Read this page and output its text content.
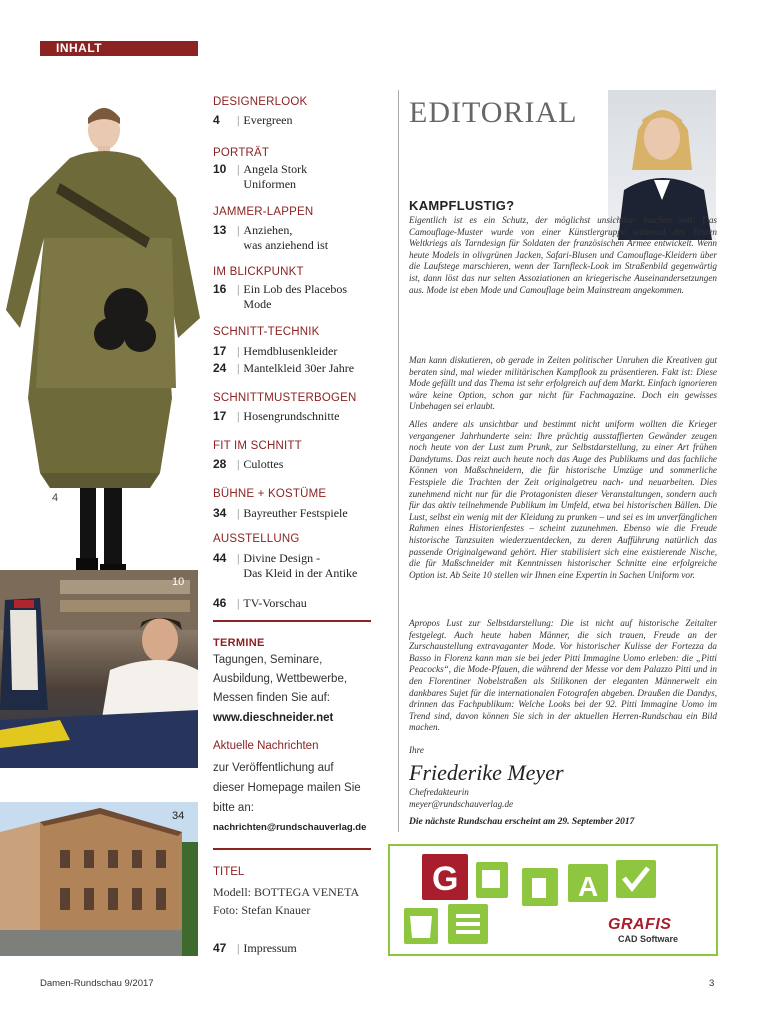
INHALT
4
10
34
DESIGNERLOOK
4 | Evergreen
PORTRÄT
10 | Angela Stork
Uniformen
JAMMER-LAPPEN
13 | Anziehen,
was anziehend ist
IM BLICKPUNKT
16 | Ein Lob des Placebos
Mode
SCHNITT-TECHNIK
17 | Hemdblusenkleider
24 | Mantelkleid 30er Jahre
SCHNITTMUSTERBOGEN
17 | Hosengrundschnitte
FIT IM SCHNITT
28 | Culottes
BÜHNE + KOSTÜME
34 | Bayreuther Festspiele
AUSSTELLUNG
44 | Divine Design -
Das Kleid in der Antike
46 | TV-Vorschau
TERMINE
Tagungen, Seminare,
Ausbildung, Wettbewerbe,
Messen finden Sie auf:
www.dieschneider.net
Aktuelle Nachrichten
zur Veröffentlichung auf
dieser Homepage mailen Sie
bitte an:
nachrichten@rundschauverlag.de
TITEL
Modell: BOTTEGA VENETA
Foto: Stefan Knauer
47 | Impressum
EDITORIAL
KAMPFLUSTIG?
Eigentlich ist es ein Schutz, der möglichst unsichtbar machen soll: Das Camouflage-Muster wurde von einer Künstlergruppe während des Ersten Weltkriegs als Tarndesign für Soldaten der französischen Armee entwickelt. Wenn heute Models in olivgrünen Jacken, Safari-Blusen und Camouflage-Kleidern über die Laufstege marschieren, wenn der Tarnfleck-Look im Straßenbild gegenwärtig ist, dann löst das nur selten Assoziationen an kriegerische Auseinandersetzungen aus. Mode ist eben Mode und Camouflage beim Mainstream angekommen.
Man kann diskutieren, ob gerade in Zeiten politischer Unruhen die Kreativen gut beraten sind, mal wieder militärischen Kampflook zu präsentieren. Fakt ist: Diese Mode gefällt und das Thema ist sehr erfolgreich auf dem Markt. Einfach ignorieren wäre keine Option, schon gar nicht für Fachmagazine. Doch ein gewisses Unbehagen sei erlaubt.
Alles andere als unsichtbar und bestimmt nicht uniform wollten die Krieger vergangener Jahrhunderte sein: Ihre prächtig ausstaffierten Gewänder zeugen noch heute von der Lust zum Prunk, zur Selbstdarstellung, zu einer Art frühen Dandytums. Das reizt auch heute noch das Auge des Publikums und das fachliche Können von Maßschneidern, die für historische Umzüge und sommerliche Festspiele die Trachten der Zeit originalgetreu nach- und neuarbeiten. Dies zunehmend nicht nur für die Protagonisten dieser Veranstaltungen, sondern auch für das aktiv teilnehmende Publikum im Umfeld, etwa bei historischen Bällen. Die Lust, selbst ein wenig mit der Kleidung zu prunken – und sei es im unverfänglichen Rahmen eines Historienfestes – scheint zuzunehmen. Ebenso wie die Freude historische Tanzsuiten wiederzuentdecken, zu deren Aufführung natürlich das passende Originalgewand gehört. Hier stabilisiert sich eine existierende Nische, die für Maßschneider mit Kenntnissen historischer Schnitte eine erfolgreiche Option ist. Ab Seite 10 stellen wir Ihnen eine Expertin in Sachen Uniform vor.
Apropos Lust zur Selbstdarstellung: Die ist nicht auf historische Zeitalter festgelegt. Auch heute haben Männer, die sich trauen, Freude an der Zurschaustellung extravaganter Mode. Vor historischer Kulisse der Fortezza da Basso in Florenz kann man sie bei jeder Pitti Immagine Uomo erleben: die „Pitti Peacocks“, die Mode-Pfauen, die während der Messe vor dem Palazzo Pitti und in den Florentiner Nobelstraßen als Stilikonen der eleganten Männerwelt ein dankbares Sujet für die internationalen Fotografen abgeben. Draußen die Dandys, drinnen das Fachpublikum: Welche Looks bei der 92. Pitti Immagine Uomo im Trend sind, davon können Sie sich in der aktuellen Herren-Rundschau ein Bild machen.
Ihre
Friederike Meyer
Chefredakteurin
meyer@rundschauverlag.de
Die nächste Rundschau erscheint am 29. September 2017
G	A
GRAFIS
CAD Software
Damen-Rundschau 9/2017	3
